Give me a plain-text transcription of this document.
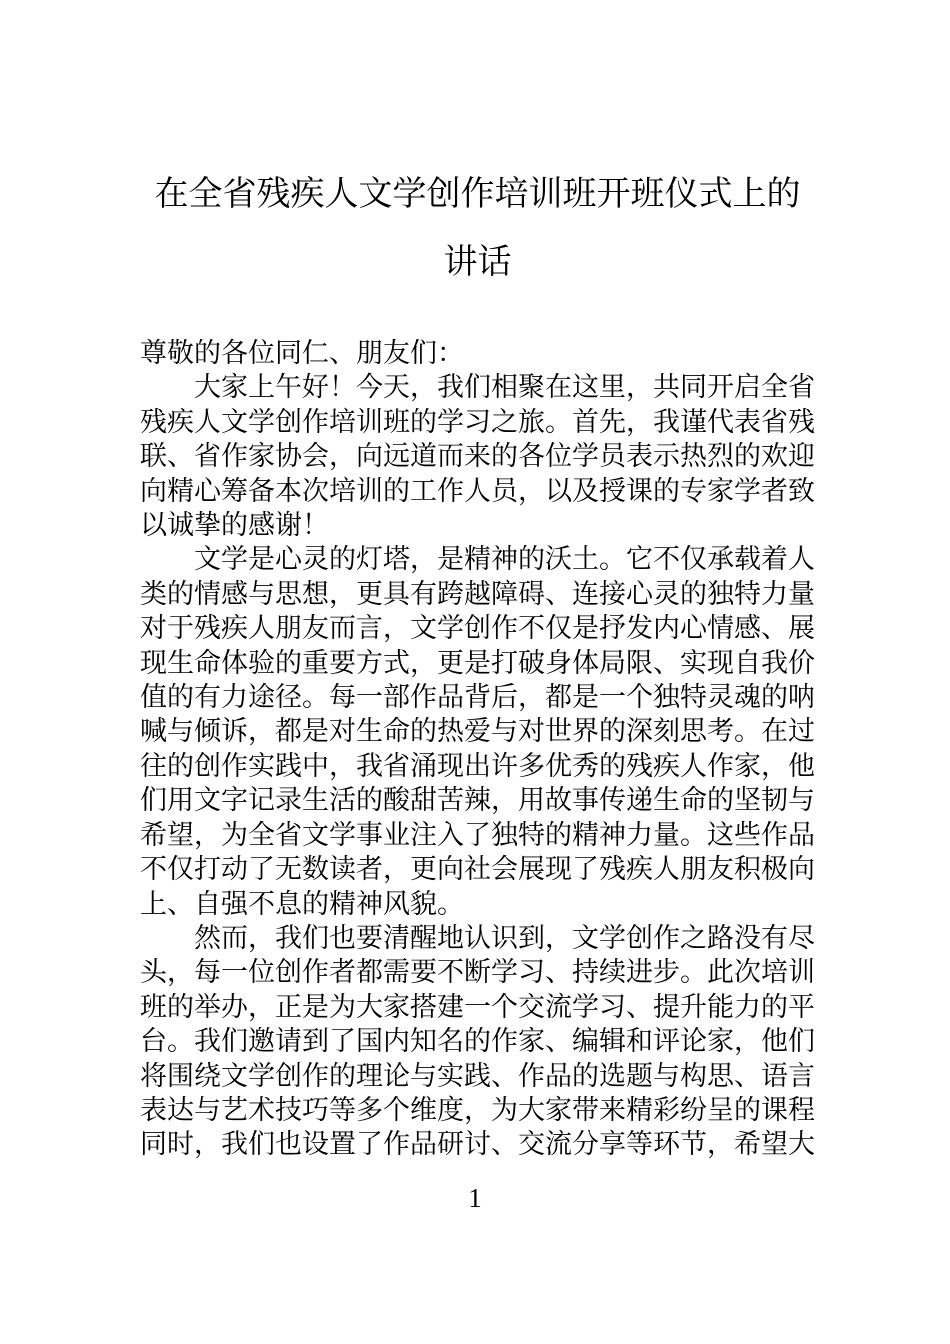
在全省残疾人文学创作培训班开班仪式上的讲话

尊敬的各位同仁、朋友们：

大家上午好！今天，我们相聚在这里，共同开启全省残疾人文学创作培训班的学习之旅。首先，我谨代表省残联、省作家协会，向远道而来的各位学员表示热烈的欢迎向精心筹备本次培训的工作人员，以及授课的专家学者致以诚挚的感谢！

文学是心灵的灯塔，是精神的沃土。它不仅承载着人类的情感与思想，更具有跨越障碍、连接心灵的独特力量对于残疾人朋友而言，文学创作不仅是抒发内心情感、展现生命体验的重要方式，更是打破身体局限、实现自我价值的有力途径。每一部作品背后，都是一个独特灵魂的呐喊与倾诉，都是对生命的热爱与对世界的深刻思考。在过往的创作实践中，我省涌现出许多优秀的残疾人作家，他们用文字记录生活的酸甜苦辣，用故事传递生命的坚韧与希望，为全省文学事业注入了独特的精神力量。这些作品不仅打动了无数读者，更向社会展现了残疾人朋友积极向上、自强不息的精神风貌。

然而，我们也要清醒地认识到，文学创作之路没有尽头，每一位创作者都需要不断学习、持续进步。此次培训班的举办，正是为大家搭建一个交流学习、提升能力的平台。我们邀请到了国内知名的作家、编辑和评论家，他们将围绕文学创作的理论与实践、作品的选题与构思、语言表达与艺术技巧等多个维度，为大家带来精彩纷呈的课程同时，我们也设置了作品研讨、交流分享等环节，希望大

1
